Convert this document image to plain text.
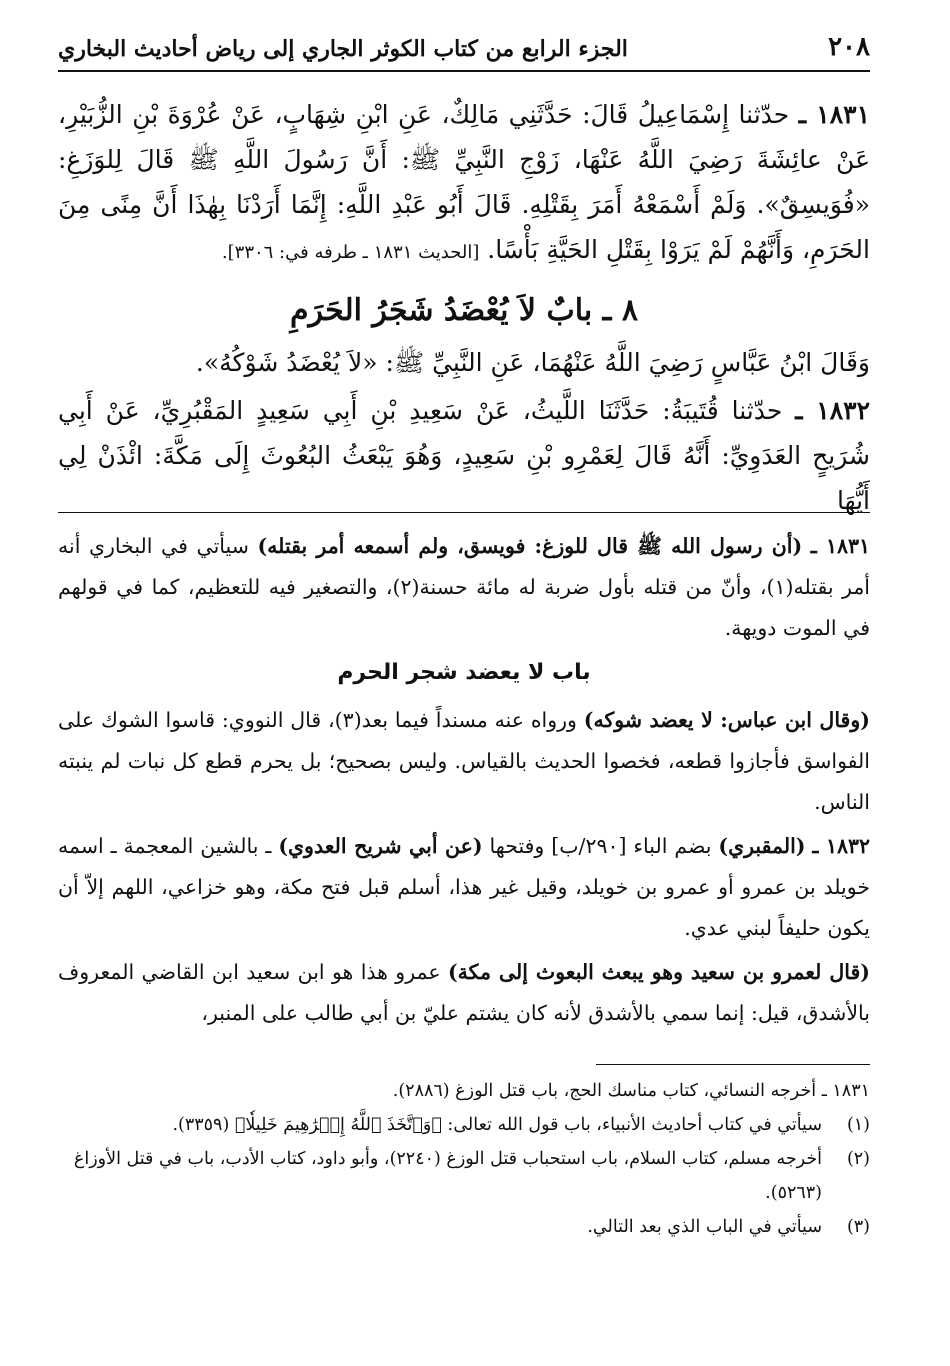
٢٠٨
الجزء الرابع من كتاب الكوثر الجاري إلى رياض أحاديث البخاري
١٨٣١ ـ حدّثنا إِسْمَاعِيلُ قَالَ: حَدَّثَنِي مَالِكٌ، عَنِ ابْنِ شِهَابٍ، عَنْ عُرْوَةَ بْنِ الزُّبَيْرِ، عَنْ عائِشَةَ رَضِيَ اللَّهُ عَنْهَا، زَوْجِ النَّبِيِّ ﷺ: أَنَّ رَسُولَ اللَّهِ ﷺ قَالَ لِلوَزَغِ: «فُوَيسِقٌ». وَلَمْ أَسْمَعْهُ أَمَرَ بِقَتْلِهِ. قَالَ أَبُو عَبْدِ اللَّهِ: إِنَّمَا أَرَدْنَا بِهٰذَا أَنَّ مِنًى مِنَ الحَرَمِ، وَأَنَّهُمْ لَمْ يَرَوْا بِقَتْلِ الحَيَّةِ بَأْسًا. [الحديث ١٨٣١ ـ طرفه في: ٣٣٠٦].
٨ ـ بابٌ لاَ يُعْضَدُ شَجَرُ الحَرَمِ
وَقَالَ ابْنُ عَبَّاسٍ رَضِيَ اللَّهُ عَنْهُمَا، عَنِ النَّبِيِّ ﷺ: «لاَ يُعْضَدُ شَوْكُهُ».
١٨٣٢ ـ حدّثنا قُتَيبَةُ: حَدَّثَنَا اللَّيثُ، عَنْ سَعِيدِ بْنِ أَبِي سَعِيدٍ المَقْبُرِيِّ، عَنْ أَبِي شُرَيحٍ العَدَوِيِّ: أَنَّهُ قَالَ لِعَمْرِو بْنِ سَعِيدٍ، وَهُوَ يَبْعَثُ البُعُوثَ إِلَى مَكَّةَ: ائْذَنْ لِي أَيُّهَا
١٨٣١ ـ (أن رسول الله ﷺ قال للوزغ: فويسق، ولم أسمعه أمر بقتله) سيأتي في البخاري أنه أمر بقتله(١)، وأنّ من قتله بأول ضربة له مائة حسنة(٢)، والتصغير فيه للتعظيم، كما في قولهم في الموت دويهة.
باب لا يعضد شجر الحرم
(وقال ابن عباس: لا يعضد شوكه) ورواه عنه مسنداً فيما بعد(٣)، قال النووي: قاسوا الشوك على الفواسق فأجازوا قطعه، فخصوا الحديث بالقياس. وليس بصحيح؛ بل يحرم قطع كل نبات لم ينبته الناس.
١٨٣٢ ـ (المقبري) بضم الباء [٢٩٠/ب] وفتحها (عن أبي شريح العدوي) ـ بالشين المعجمة ـ اسمه خويلد بن عمرو أو عمرو بن خويلد، وقيل غير هذا، أسلم قبل فتح مكة، وهو خزاعي، اللهم إلاّ أن يكون حليفاً لبني عدي.
(قال لعمرو بن سعيد وهو يبعث البعوث إلى مكة) عمرو هذا هو ابن سعيد ابن القاضي المعروف بالأشدق، قيل: إنما سمي بالأشدق لأنه كان يشتم عليّ بن أبي طالب على المنبر،
١٨٣١ ـ أخرجه النسائي، كتاب مناسك الحج، باب قتل الوزغ (٢٨٨٦).
(١)
سيأتي في كتاب أحاديث الأنبياء، باب قول الله تعالى: ﴿وَٱتَّخَذَ ٱللَّهُ إِبۡرَٰهِيمَ خَلِيلٗا﴾ (٣٣٥٩).
(٢)
أخرجه مسلم، كتاب السلام، باب استحباب قتل الوزغ (٢٢٤٠)، وأبو داود، كتاب الأدب، باب في قتل الأوزاغ (٥٢٦٣).
(٣)
سيأتي في الباب الذي بعد التالي.
